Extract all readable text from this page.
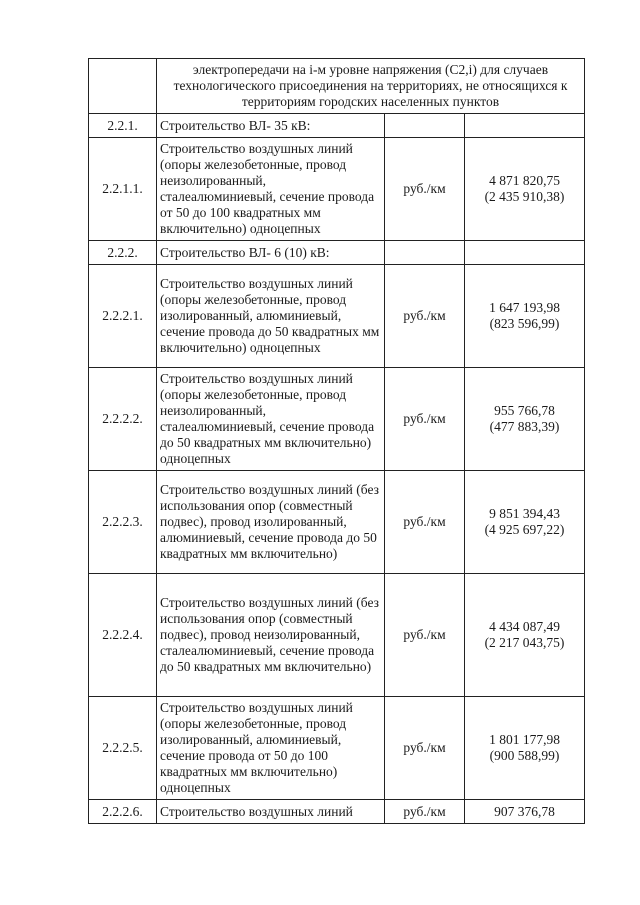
	электропередачи на i-м уровне напряжения (С2,i) для случаев технологического присоединения на территориях, не относящихся к территориям городских населенных пунктов		
2.2.1.	Строительство ВЛ- 35 кВ:		
2.2.1.1.	Строительство воздушных линий (опоры железобетонные, провод неизолированный, сталеалюминиевый, сечение провода от 50 до 100 квадратных мм включительно) одноцепных	руб./км	4 871 820,75
(2 435 910,38)

2.2.2.	Строительство ВЛ- 6 (10) кВ:		
2.2.2.1.	Строительство воздушных линий (опоры железобетонные, провод изолированный, алюминиевый, сечение провода до 50 квадратных мм включительно) одноцепных	руб./км	1 647 193,98
(823 596,99)

2.2.2.2.	Строительство воздушных линий (опоры железобетонные, провод неизолированный, сталеалюминиевый, сечение провода до 50 квадратных мм включительно) одноцепных	руб./км	955 766,78
(477 883,39)

2.2.2.3.	Строительство воздушных линий (без использования опор (совместный подвес), провод изолированный, алюминиевый, сечение провода до 50 квадратных мм включительно)	руб./км	9 851 394,43
(4 925 697,22)

2.2.2.4.	Строительство воздушных линий (без использования опор (совместный подвес), провод неизолированный, сталеалюминиевый, сечение провода до 50 квадратных мм включительно)	руб./км	4 434 087,49
(2 217 043,75)

2.2.2.5.	Строительство воздушных линий (опоры железобетонные, провод изолированный, алюминиевый, сечение провода от 50 до 100 квадратных мм включительно) одноцепных	руб./км	1 801 177,98
(900 588,99)

2.2.2.6.	Строительство воздушных линий	руб./км	907 376,78
